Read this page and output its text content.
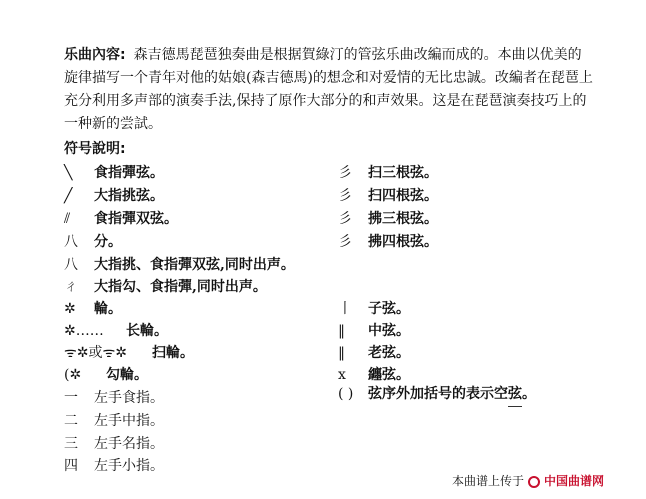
乐曲內容: 森吉德馬琵琶独奏曲是根据賀綠汀的管弦乐曲改編而成的。本曲以优美的旋律描写一个青年对他的姑娘(森吉德馬)的想念和对爱情的无比忠誠。改編者在琵琶上充分利用多声部的演奏手法,保持了原作大部分的和声效果。这是在琵琶演奏技巧上的一种新的尝試。
符号說明:
╲	食指彈弦。
╱	大指挑弦。
⫽	食指彈双弦。
八	分。
八	大指挑、食指彈双弦,同时出声。
ㄔ	大指勾、食指彈,同时出声。
✲	輪。
✲……	长輪。
ᯤ✲或ᯤ✲	扫輪。
(✲	勾輪。
一	左手食指。
二	左手中指。
三	左手名指。
四	左手小指。
彡	扫三根弦。
彡	扫四根弦。
彡	拂三根弦。
彡	拂四根弦。
丨	子弦。
‖	中弦。
‖	老弦。
x	纏弦。
( )	弦序外加括号的表示空弦。
本曲谱上传于 中国曲谱网
